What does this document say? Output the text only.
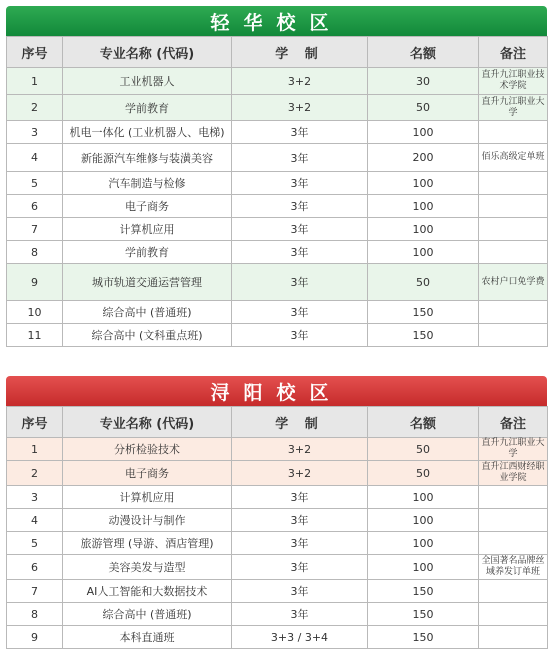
轻华校区
序号	专业名称 (代码)	学 制	名额	备注
1	工业机器人	3+2	30	直升九江职业技术学院
2	学前教育	3+2	50	直升九江职业大学
3	机电一体化 (工业机器人、电梯)	3年	100	
4	新能源汽车维修与装潢美容	3年	200	佰乐高级定单班
5	汽车制造与检修	3年	100	
6	电子商务	3年	100	
7	计算机应用	3年	100	
8	学前教育	3年	100	
9	城市轨道交通运营管理	3年	50	农村户口免学费
10	综合高中 (普通班)	3年	150	
11	综合高中 (文科重点班)	3年	150	
浔阳校区
序号	专业名称 (代码)	学 制	名额	备注
1	分析检验技术	3+2	50	直升九江职业大学
2	电子商务	3+2	50	直升江西财经职业学院
3	计算机应用	3年	100	
4	动漫设计与制作	3年	100	
5	旅游管理 (导游、酒店管理)	3年	100	
6	美容美发与造型	3年	100	全国著名品牌丝域养发订单班
7	AI人工智能和大数据技术	3年	150	
8	综合高中 (普通班)	3年	150	
9	本科直通班	3+3 / 3+4	150	
